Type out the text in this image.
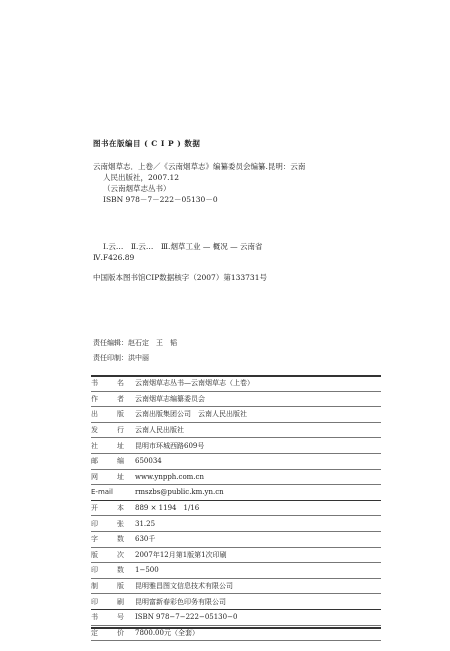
图书在版编目 ( C I P ) 数据
云南烟草志．上卷／《云南烟草志》编纂委员会编纂.昆明：云南
人民出版社，2007.12
（云南烟草志丛书）
ISBN 978－7－222－05130－0
Ⅰ.云…　Ⅱ.云…　Ⅲ.烟草工业 — 概况 — 云南省
Ⅳ.F426.89
中国版本图书馆CIP数据核字（2007）第133731号
责任编辑：赵石定　王　韬
责任印制：洪中丽
书	名	云南烟草志丛书—云南烟草志（上卷）
作	者	云南烟草志编纂委员会
出	版	云南出版集团公司　云南人民出版社
发	行	云南人民出版社
社	址	昆明市环城西路609号
邮	编	650034
网	址	www.ynpph.com.cn
E-mail	rmszbs@public.km.yn.cn
开	本	889 × 1194　1/16
印	张	31.25
字	数	630千
版	次	2007年12月第1版第1次印刷
印	数	1−500
制	版	昆明雅昌图文信息技术有限公司
印	刷	昆明富新春彩色印务有限公司
书	号	ISBN 978−7−222−05130−0
定	价	7800.00元（全套）
